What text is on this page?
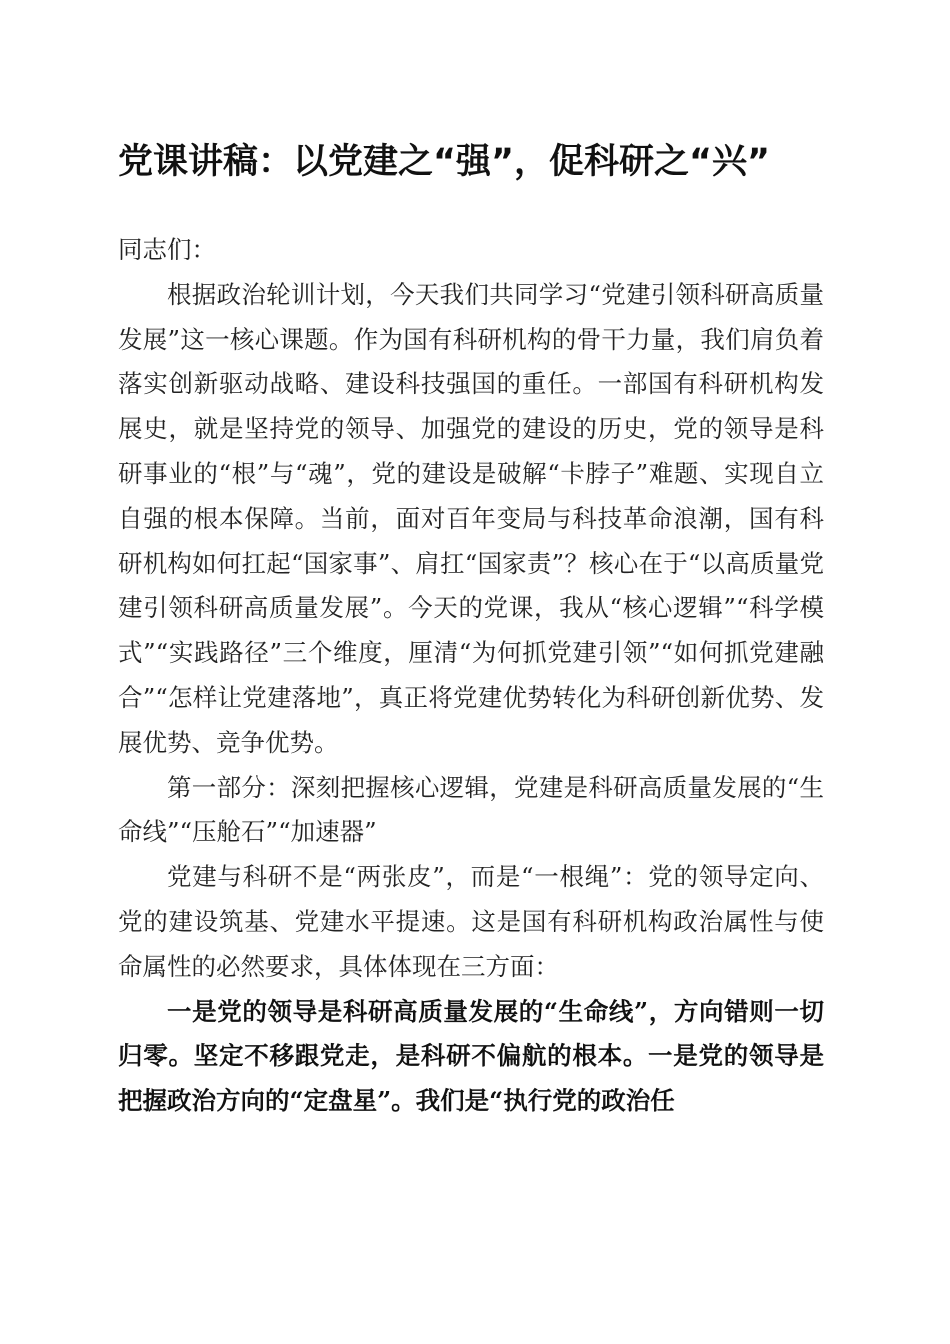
党课讲稿：以党建之“强”，促科研之“兴”

同志们：

根据政治轮训计划，今天我们共同学习“党建引领科研高质量发展”这一核心课题。作为国有科研机构的骨干力量，我们肩负着落实创新驱动战略、建设科技强国的重任。一部国有科研机构发展史，就是坚持党的领导、加强党的建设的历史，党的领导是科研事业的“根”与“魂”，党的建设是破解“卡脖子”难题、实现自立自强的根本保障。当前，面对百年变局与科技革命浪潮，国有科研机构如何扛起“国家事”、肩扛“国家责”？核心在于“以高质量党建引领科研高质量发展”。今天的党课，我从“核心逻辑”“科学模式”“实践路径”三个维度，厘清“为何抓党建引领”“如何抓党建融合”“怎样让党建落地”，真正将党建优势转化为科研创新优势、发展优势、竞争优势。

第一部分：深刻把握核心逻辑，党建是科研高质量发展的“生命线”“压舱石”“加速器”

党建与科研不是“两张皮”，而是“一根绳”：党的领导定向、党的建设筑基、党建水平提速。这是国有科研机构政治属性与使命属性的必然要求，具体体现在三方面：

一是党的领导是科研高质量发展的“生命线”，方向错则一切归零。坚定不移跟党走，是科研不偏航的根本。一是党的领导是把握政治方向的“定盘星”。我们是“执行党的政治任
